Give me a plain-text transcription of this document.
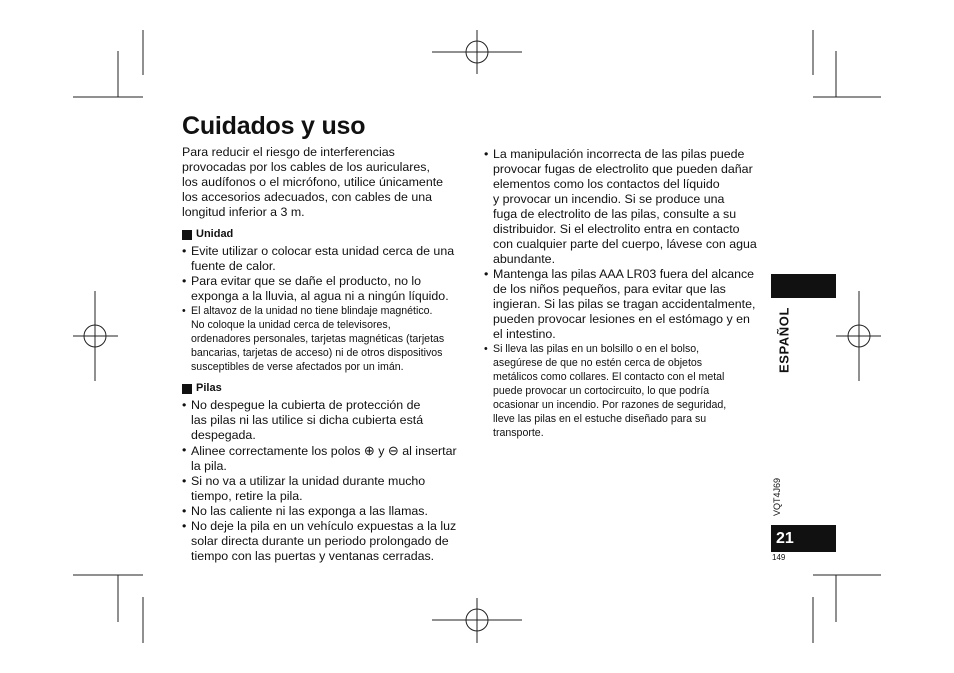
Cuidados y uso

Para reducir el riesgo de interferencias
provocadas por los cables de los auriculares,
los audífonos o el micrófono, utilice únicamente
los accesorios adecuados, con cables de una
longitud inferior a 3 m.

Unidad
• Evite utilizar o colocar esta unidad cerca de una
fuente de calor.
• Para evitar que se dañe el producto, no lo
exponga a la lluvia, al agua ni a ningún líquido.
• El altavoz de la unidad no tiene blindaje magnético.
No coloque la unidad cerca de televisores,
ordenadores personales, tarjetas magnéticas (tarjetas
bancarias, tarjetas de acceso) ni de otros dispositivos
susceptibles de verse afectados por un imán.
Pilas
• No despegue la cubierta de protección de
las pilas ni las utilice si dicha cubierta está
despegada.
• Alinee correctamente los polos ⊕ y ⊖ al insertar
la pila.
• Si no va a utilizar la unidad durante mucho
tiempo, retire la pila.
• No las caliente ni las exponga a las llamas.
• No deje la pila en un vehículo expuestas a la luz
solar directa durante un periodo prolongado de
tiempo con las puertas y ventanas cerradas.
• La manipulación incorrecta de las pilas puede
provocar fugas de electrolito que pueden dañar
elementos como los contactos del líquido
y provocar un incendio. Si se produce una
fuga de electrolito de las pilas, consulte a su
distribuidor. Si el electrolito entra en contacto
con cualquier parte del cuerpo, lávese con agua
abundante.
• Mantenga las pilas AAA LR03 fuera del alcance
de los niños pequeños, para evitar que las
ingieran. Si las pilas se tragan accidentalmente,
pueden provocar lesiones en el estómago y en
el intestino.
• Si lleva las pilas en un bolsillo o en el bolso,
asegúrese de que no estén cerca de objetos
metálicos como collares. El contacto con el metal
puede provocar un cortocircuito, lo que podría
ocasionar un incendio. Por razones de seguridad,
lleve las pilas en el estuche diseñado para su
transporte.
ESPAÑOL
VQT4J69
21
149
